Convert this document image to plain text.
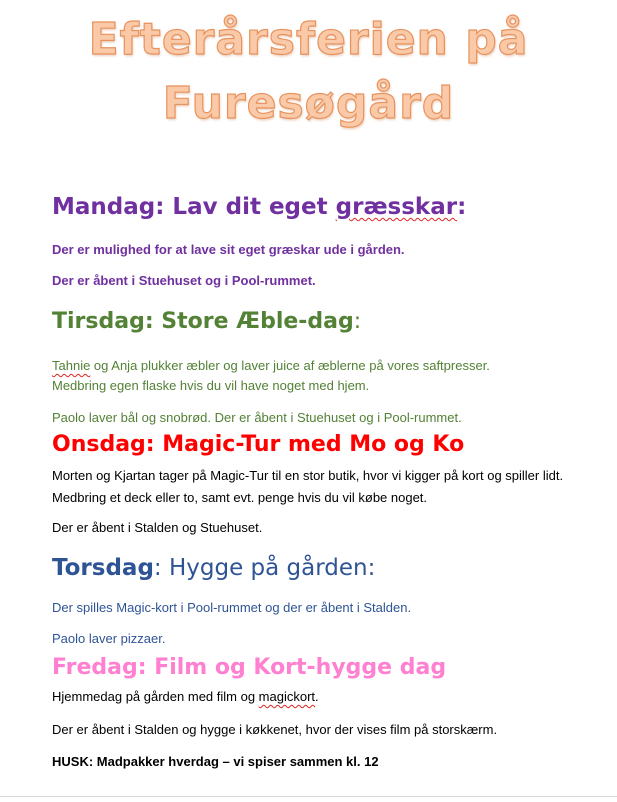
Efterårsferien på
Furesøgård
Mandag: Lav dit eget græsskar:

Der er mulighed for at lave sit eget græskar ude i gården.

Der er åbent i Stuehuset og i Pool-rummet.

Tirsdag: Store Æble-dag:

Tahnie og Anja plukker æbler og laver juice af æblerne på vores saftpresser.
Medbring egen flaske hvis du vil have noget med hjem.

Paolo laver bål og snobrød. Der er åbent i Stuehuset og i Pool-rummet.

Onsdag: Magic-Tur med Mo og Ko

Morten og Kjartan tager på Magic-Tur til en stor butik, hvor vi kigger på kort og spiller lidt. Medbring et deck eller to, samt evt. penge hvis du vil købe noget.

Der er åbent i Stalden og Stuehuset.

Torsdag: Hygge på gården:

Der spilles Magic-kort i Pool-rummet og der er åbent i Stalden.

Paolo laver pizzaer.

Fredag: Film og Kort-hygge dag

Hjemmedag på gården med film og magickort.

Der er åbent i Stalden og hygge i køkkenet, hvor der vises film på storskærm.

HUSK: Madpakker hverdag – vi spiser sammen kl. 12
